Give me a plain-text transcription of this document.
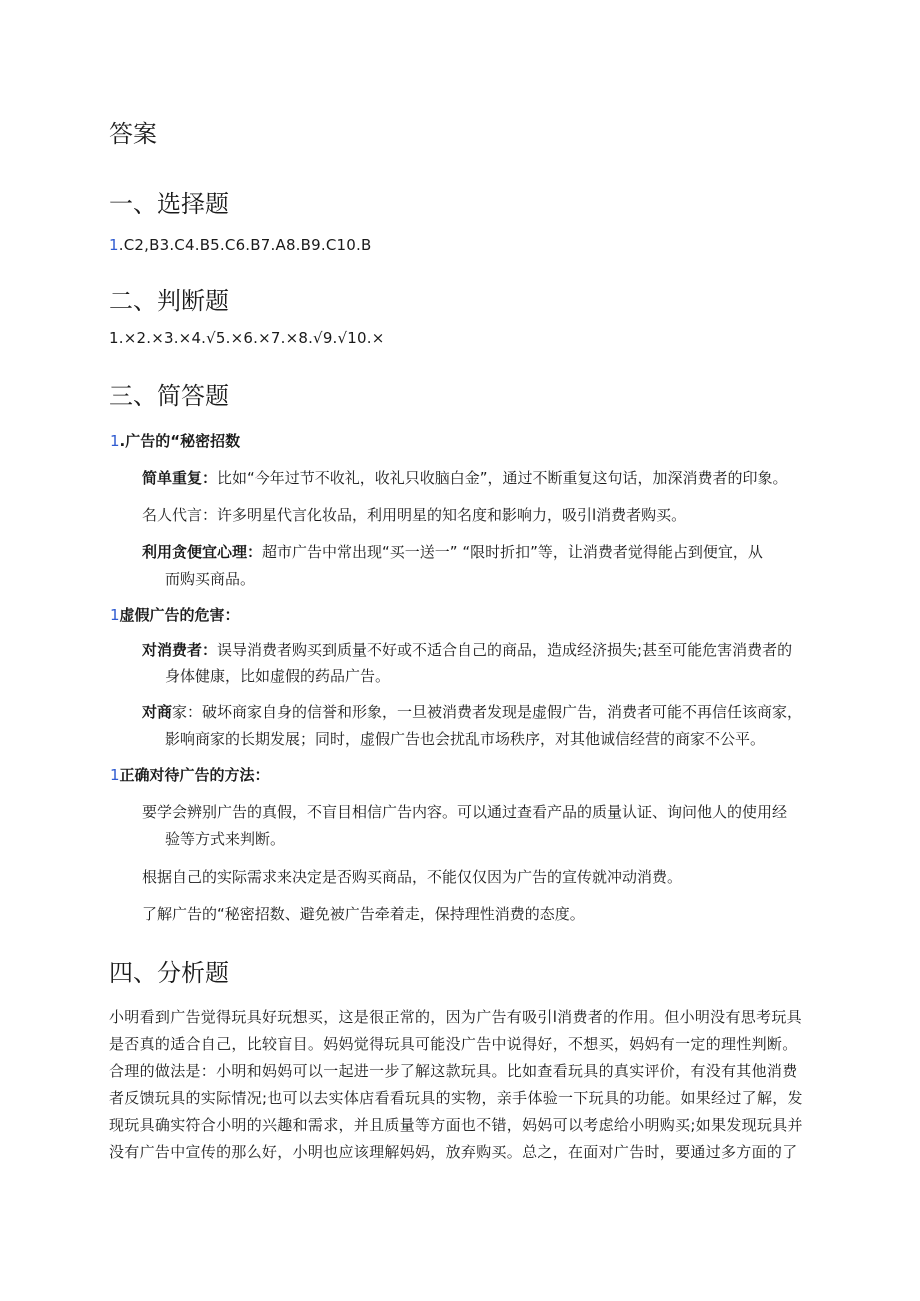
答案
一、选择题
1.C2,B3.C4.B5.C6.B7.A8.B9.C10.B
二、判断题
1.×2.×3.×4.√5.×6.×7.×8.√9.√10.×
三、简答题
1.广告的“秘密招数
简单重复：比如“今年过节不收礼，收礼只收脑白金”，通过不断重复这句话，加深消费者的印象。
名人代言：许多明星代言化妆品，利用明星的知名度和影响力，吸引l消费者购买。
利用贪便宜心理：超市广告中常出现“买一送一” “限时折扣”等，让消费者觉得能占到便宜，从
而购买商品。
1虚假广告的危害：
对消费者：误导消费者购买到质量不好或不适合自己的商品，造成经济损失;甚至可能危害消费者的
身体健康，比如虚假的药品广告。
对商家：破坏商家自身的信誉和形象，一旦被消费者发现是虚假广告，消费者可能不再信任该商家，
影响商家的长期发展；同时，虚假广告也会扰乱市场秩序，对其他诚信经营的商家不公平。
1正确对待广告的方法：
要学会辨别广告的真假，不盲目相信广告内容。可以通过查看产品的质量认证、询问他人的使用经
验等方式来判断。
根据自己的实际需求来决定是否购买商品，不能仅仅因为广告的宣传就冲动消费。
了解广告的“秘密招数、避免被广告牵着走，保持理性消费的态度。
四、分析题
小明看到广告觉得玩具好玩想买，这是很正常的，因为广告有吸引l消费者的作用。但小明没有思考玩具
是否真的适合自己，比较盲目。妈妈觉得玩具可能没广告中说得好，不想买，妈妈有一定的理性判断。
合理的做法是：小明和妈妈可以一起进一步了解这款玩具。比如查看玩具的真实评价，有没有其他消费
者反馈玩具的实际情况;也可以去实体店看看玩具的实物，亲手体验一下玩具的功能。如果经过了解，发
现玩具确实符合小明的兴趣和需求，并且质量等方面也不错，妈妈可以考虑给小明购买;如果发现玩具并
没有广告中宣传的那么好，小明也应该理解妈妈，放弃购买。总之，在面对广告时，要通过多方面的了
